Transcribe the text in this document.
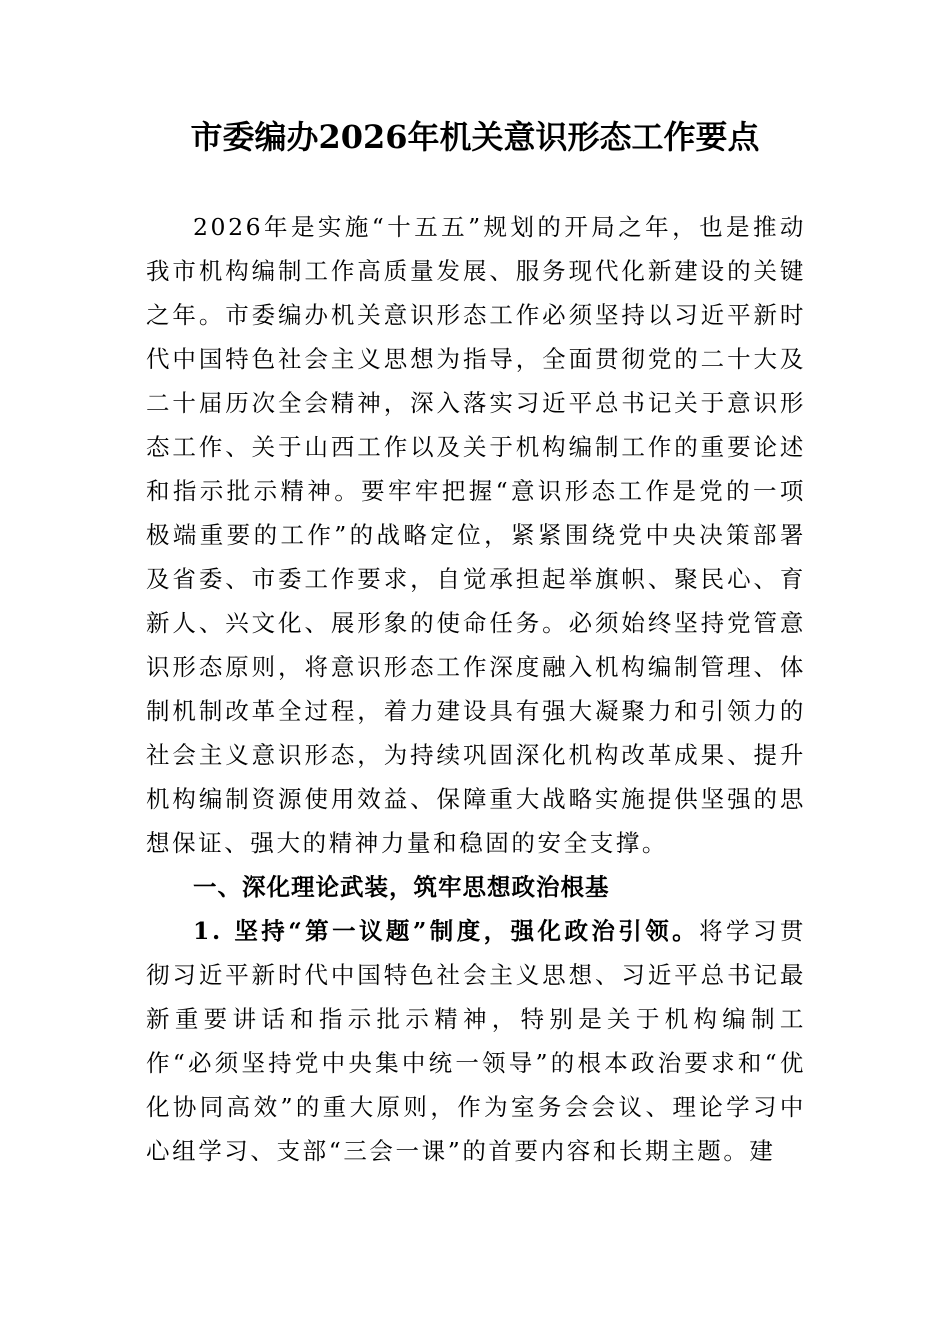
市委编办2026年机关意识形态工作要点

2026年是实施“十五五”规划的开局之年，也是推动我市机构编制工作高质量发展、服务现代化新建设的关键之年。市委编办机关意识形态工作必须坚持以习近平新时代中国特色社会主义思想为指导，全面贯彻党的二十大及二十届历次全会精神，深入落实习近平总书记关于意识形态工作、关于山西工作以及关于机构编制工作的重要论述和指示批示精神。要牢牢把握“意识形态工作是党的一项极端重要的工作”的战略定位，紧紧围绕党中央决策部署及省委、市委工作要求，自觉承担起举旗帜、聚民心、育新人、兴文化、展形象的使命任务。必须始终坚持党管意识形态原则，将意识形态工作深度融入机构编制管理、体制机制改革全过程，着力建设具有强大凝聚力和引领力的社会主义意识形态，为持续巩固深化机构改革成果、提升机构编制资源使用效益、保障重大战略实施提供坚强的思想保证、强大的精神力量和稳固的安全支撑。

一、深化理论武装，筑牢思想政治根基

1. 坚持“第一议题”制度，强化政治引领。将学习贯彻习近平新时代中国特色社会主义思想、习近平总书记最新重要讲话和指示批示精神，特别是关于机构编制工作“必须坚持党中央集中统一领导”的根本政治要求和“优化协同高效”的重大原则，作为室务会会议、理论学习中心组学习、支部“三会一课”的首要内容和长期主题。建
